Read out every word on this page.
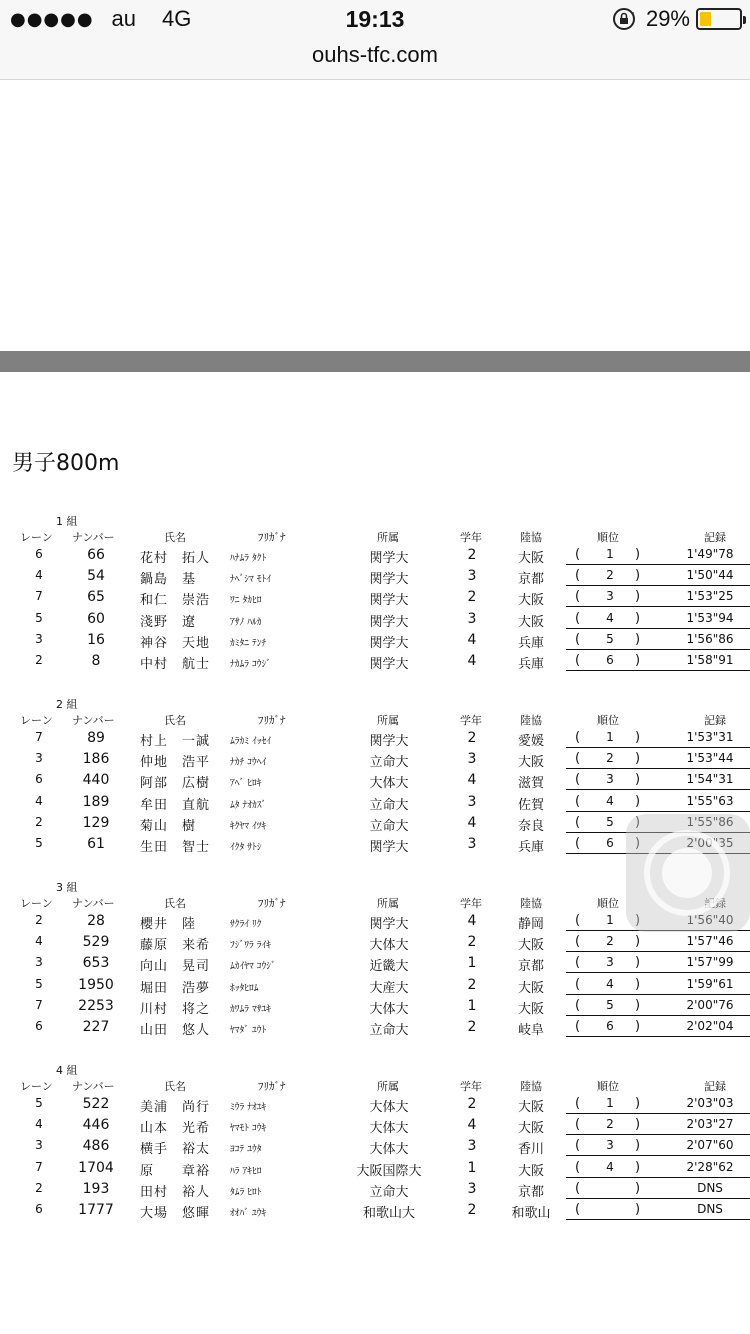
●●●●● au 4G	19:13	29%
ouhs-tfc.com
男子800m
1 組
レーン ナンバー	氏名	ﾌﾘｶﾞﾅ	所属	学年	陸協	順位	記録
6	66	花村　拓人	ﾊﾅﾑﾗ ﾀｸﾄ	関学大	2	大阪	(	1	)	1'49"78
4	54	鍋島　基	ﾅﾍﾞｼﾏ ﾓﾄｲ	関学大	3	京都	(	2	)	1'50"44
7	65	和仁　崇浩	ﾜﾆ ﾀｶﾋﾛ	関学大	2	大阪	(	3	)	1'53"25
5	60	淺野　遼	ｱｻﾉ ﾊﾙｶ	関学大	3	大阪	(	4	)	1'53"94
3	16	神谷　天地	ｶﾐﾀﾆ ﾃﾝﾁ	関学大	4	兵庫	(	5	)	1'56"86
2	8	中村　航士	ﾅｶﾑﾗ ｺｳｼﾞ	関学大	4	兵庫	(	6	)	1'58"91
2 組
レーン ナンバー	氏名	ﾌﾘｶﾞﾅ	所属	学年	陸協	順位	記録
7	89	村上　一誠	ﾑﾗｶﾐ ｲｯｾｲ	関学大	2	愛媛	(	1	)	1'53"31
3	186	仲地　浩平	ﾅｶﾁ ｺｳﾍｲ	立命大	3	大阪	(	2	)	1'53"44
6	440	阿部　広樹	ｱﾍﾞ ﾋﾛｷ	大体大	4	滋賀	(	3	)	1'54"31
4	189	牟田　直航	ﾑﾀ ﾅｵｶｽﾞ	立命大	3	佐賀	(	4	)	1'55"63
2	129	菊山　樹	ｷｸﾔﾏ ｲﾂｷ	立命大	4	奈良	(	5	)	1'55"86
5	61	生田　智士	ｲｸﾀ ｻﾄｼ	関学大	3	兵庫	(	6	)	2'00"35
3 組
レーン ナンバー	氏名	ﾌﾘｶﾞﾅ	所属	学年	陸協	順位	記録
2	28	櫻井　陸	ｻｸﾗｲ ﾘｸ	関学大	4	静岡	(	1	)	1'56"40
4	529	藤原　来希	ﾌｼﾞﾜﾗ ﾗｲｷ	大体大	2	大阪	(	2	)	1'57"46
3	653	向山　晃司	ﾑｶｲﾔﾏ ｺｳｼﾞ	近畿大	1	京都	(	3	)	1'57"99
5	1950	堀田　浩夢	ﾎｯﾀﾋﾛﾑ	大産大	2	大阪	(	4	)	1'59"61
7	2253	川村　将之	ｶﾜﾑﾗ ﾏｻﾕｷ	大体大	1	大阪	(	5	)	2'00"76
6	227	山田　悠人	ﾔﾏﾀﾞ ﾕｳﾄ	立命大	2	岐阜	(	6	)	2'02"04
4 組
レーン ナンバー	氏名	ﾌﾘｶﾞﾅ	所属	学年	陸協	順位	記録
5	522	美浦　尚行	ﾐｳﾗ ﾅｵﾕｷ	大体大	2	大阪	(	1	)	2'03"03
4	446	山本　光希	ﾔﾏﾓﾄ ｺｳｷ	大体大	4	大阪	(	2	)	2'03"27
3	486	横手　裕太	ﾖｺﾃ ﾕｳﾀ	大体大	3	香川	(	3	)	2'07"60
7	1704	原　　章裕	ﾊﾗ ｱｷﾋﾛ	大阪国際大	1	大阪	(	4	)	2'28"62
2	193	田村　裕人	ﾀﾑﾗ ﾋﾛﾄ	立命大	3	京都	(	)	DNS
6	1777	大場　悠暉	ｵｵﾊﾞ ﾕｳｷ	和歌山大	2	和歌山	(	)	DNS
